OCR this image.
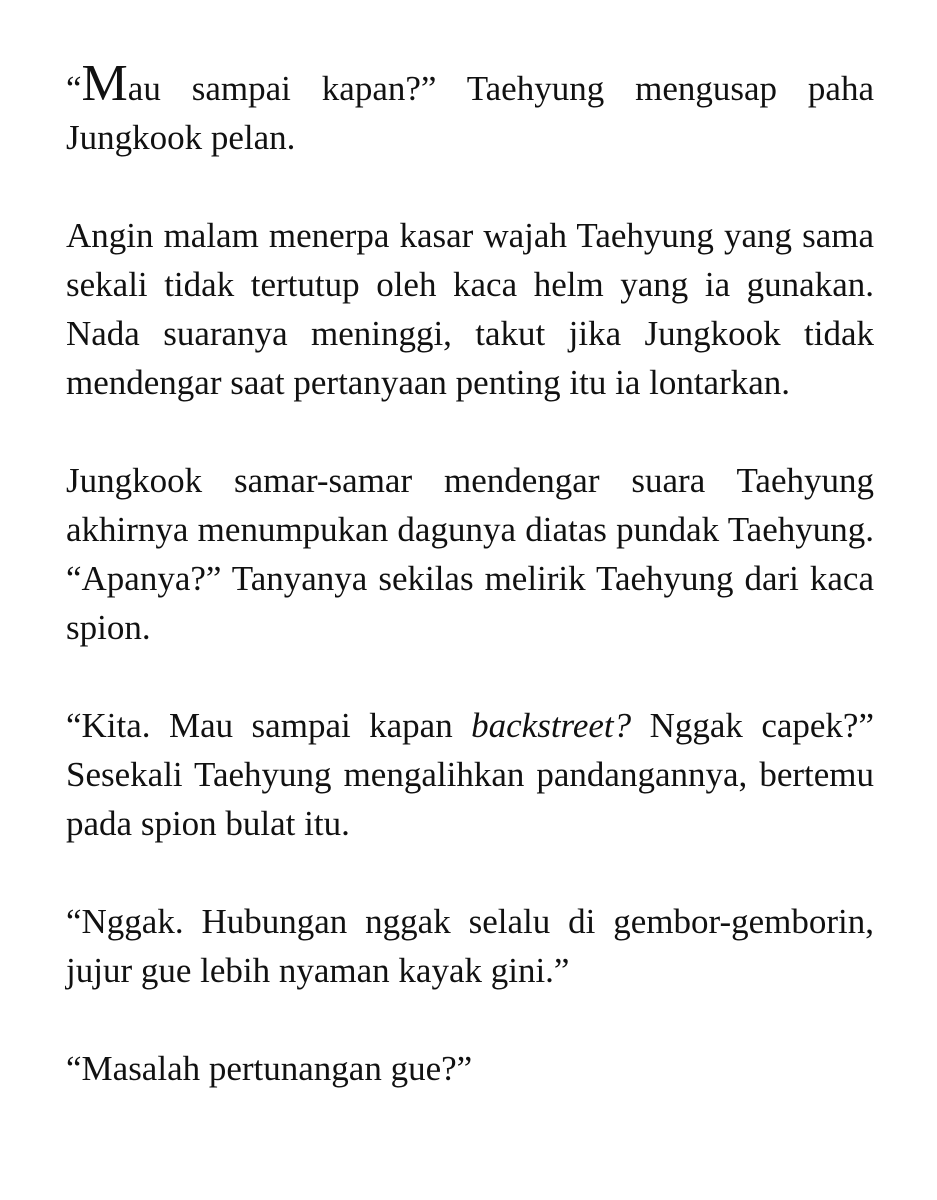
“Mau sampai kapan?” Taehyung mengusap paha Jungkook pelan.

Angin malam menerpa kasar wajah Taehyung yang sama sekali tidak tertutup oleh kaca helm yang ia gunakan. Nada suaranya meninggi, takut jika Jungkook tidak mendengar saat pertanyaan penting itu ia lontarkan.

Jungkook samar-samar mendengar suara Taehyung akhirnya menumpukan dagunya diatas pundak Taehyung. “Apanya?” Tanyanya sekilas melirik Taehyung dari kaca spion.

“Kita. Mau sampai kapan backstreet? Nggak capek?” Sesekali Taehyung mengalihkan pandangannya, bertemu pada spion bulat itu.

“Nggak. Hubungan nggak selalu di gembor-gemborin, jujur gue lebih nyaman kayak gini.”

“Masalah pertunangan gue?”
